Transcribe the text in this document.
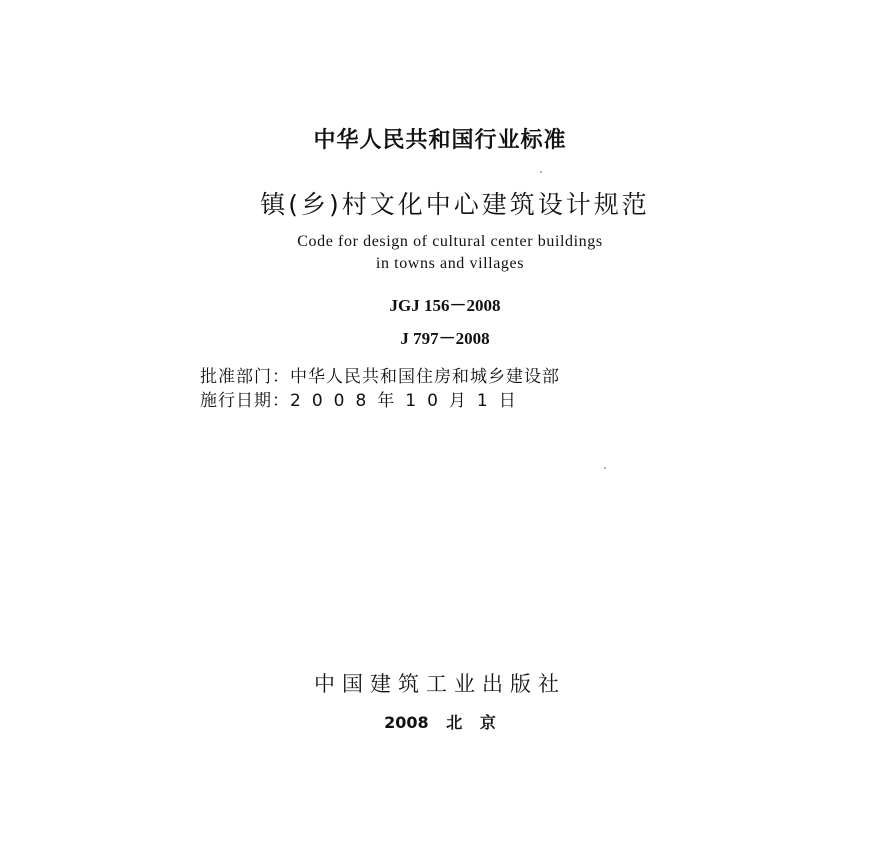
中华人民共和国行业标准
镇(乡)村文化中心建筑设计规范
Code for design of cultural center buildings
in towns and villages
JGJ 156－2008
J 797－2008
批准部门：中华人民共和国住房和城乡建设部
施行日期：2008年10月1日
中国建筑工业出版社
2008 北 京
